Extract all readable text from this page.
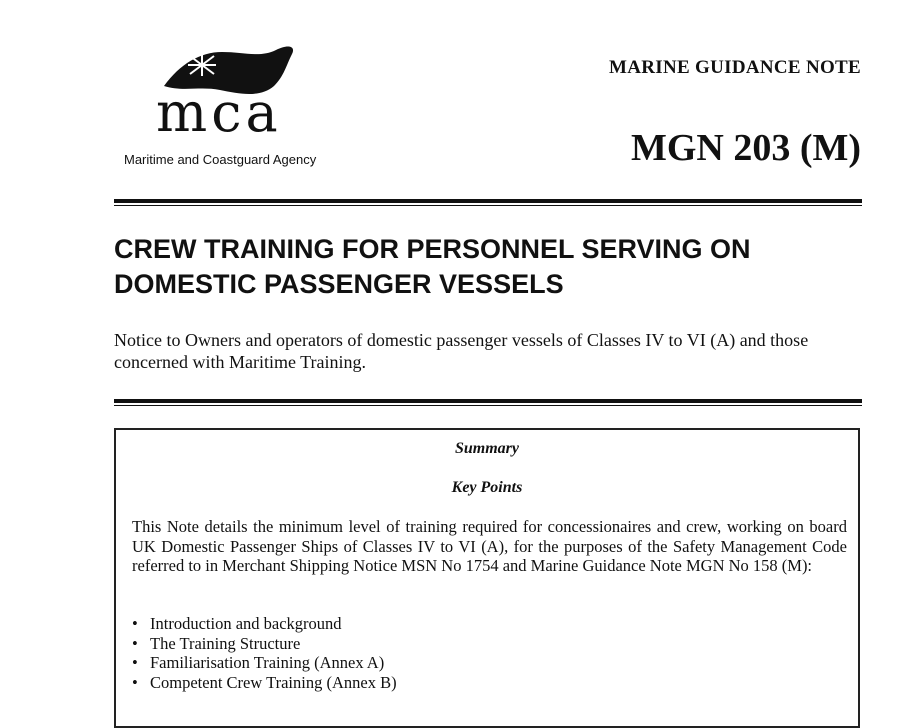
mca
Maritime and Coastguard Agency
MARINE GUIDANCE NOTE
MGN 203 (M)
CREW TRAINING FOR PERSONNEL SERVING ON DOMESTIC PASSENGER VESSELS

Notice to Owners and operators of domestic passenger vessels of Classes IV to VI (A) and those concerned with Maritime Training.

Summary
Key Points

This Note details the minimum level of training required for concessionaires and crew, working on board UK Domestic Passenger Ships of Classes IV to VI (A), for the purposes of the Safety Management Code referred to in Merchant Shipping Notice MSN No 1754 and Marine Guidance Note MGN No 158 (M):

• Introduction and background
• The Training Structure
• Familiarisation Training (Annex A)
• Competent Crew Training (Annex B)
